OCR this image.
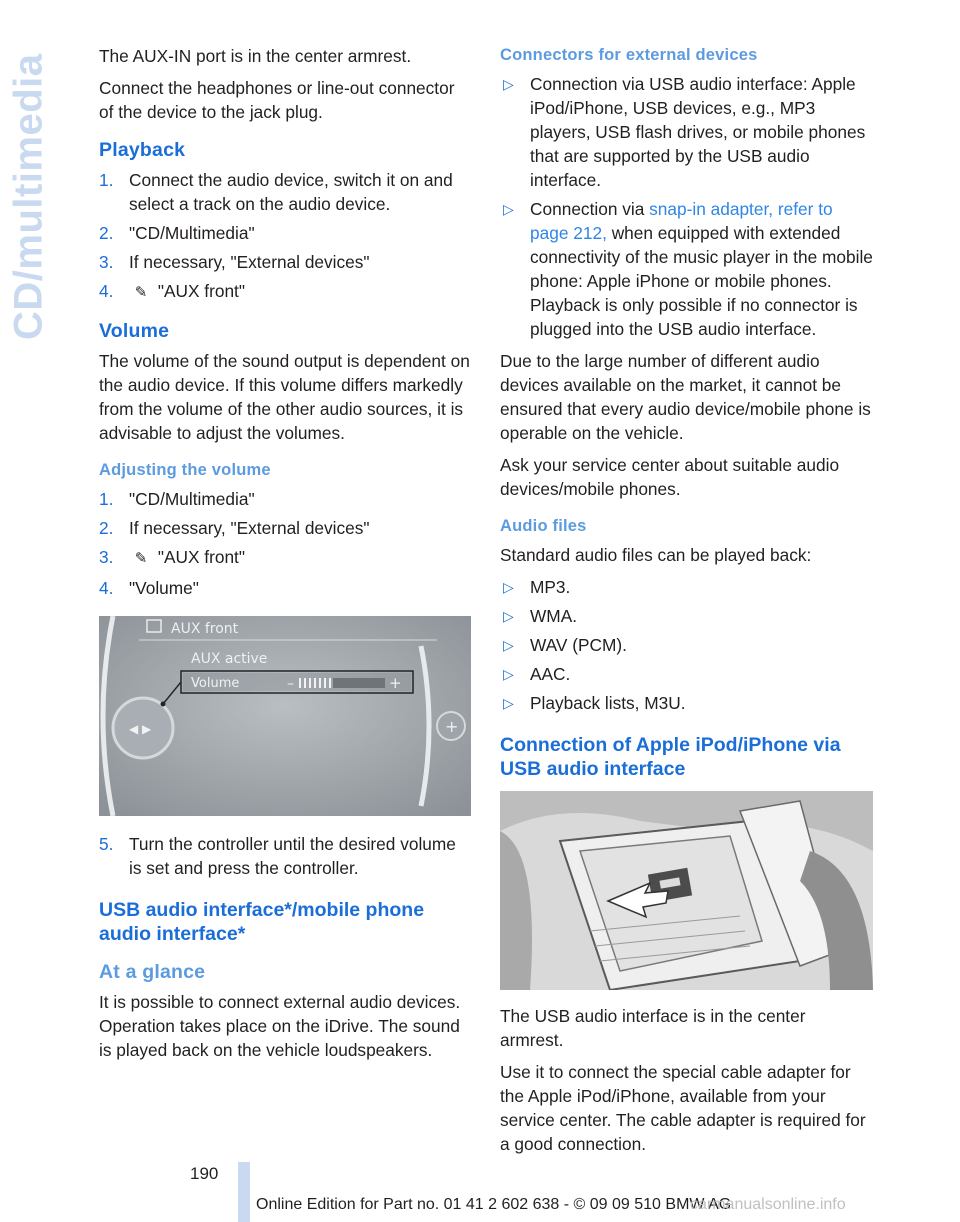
CD/multimedia	The AUX-IN port is in the center armrest.

Connect the headphones or line-out connector of the device to the jack plug.

Playback
1. Connect the audio device, switch it on and select a track on the audio device.
2. "CD/Multimedia"
3. If necessary, "External devices"
4. ✎ "AUX front"
Volume

The volume of the sound output is dependent on the audio device. If this volume differs markedly from the volume of the other audio sources, it is advisable to adjust the volumes.

Adjusting the volume
1. "CD/Multimedia"
2. If necessary, "External devices"
3. ✎ "AUX front"
4. "Volume"
◀ ▶	+
AUX front
AUX active
Volume	–	+
5. Turn the controller until the desired volume is set and press the controller.
USB audio interface*/mobile phone audio interface*
At a glance

It is possible to connect external audio devices. Operation takes place on the iDrive. The sound is played back on the vehicle loudspeakers.

Connectors for external devices
▷ Connection via USB audio interface: Apple iPod/iPhone, USB devices, e.g., MP3 players, USB flash drives, or mobile phones that are supported by the USB audio interface.
▷ Connection via snap-in adapter, refer to page 212, when equipped with extended connectivity of the music player in the mobile phone: Apple iPhone or mobile phones. Playback is only possible if no connector is plugged into the USB audio interface.

Due to the large number of different audio devices available on the market, it cannot be ensured that every audio device/mobile phone is operable on the vehicle.

Ask your service center about suitable audio devices/mobile phones.

Audio files

Standard audio files can be played back:

▷ MP3.
▷ WMA.
▷ WAV (PCM).
▷ AAC.
▷ Playback lists, M3U.
Connection of Apple iPod/iPhone via USB audio interface

The USB audio interface is in the center armrest.

Use it to connect the special cable adapter for the Apple iPod/iPhone, available from your service center. The cable adapter is required for a good connection.

190
Online Edition for Part no. 01 41 2 602 638 - © 09 09 510 BMW AG
carmanualsonline.info
